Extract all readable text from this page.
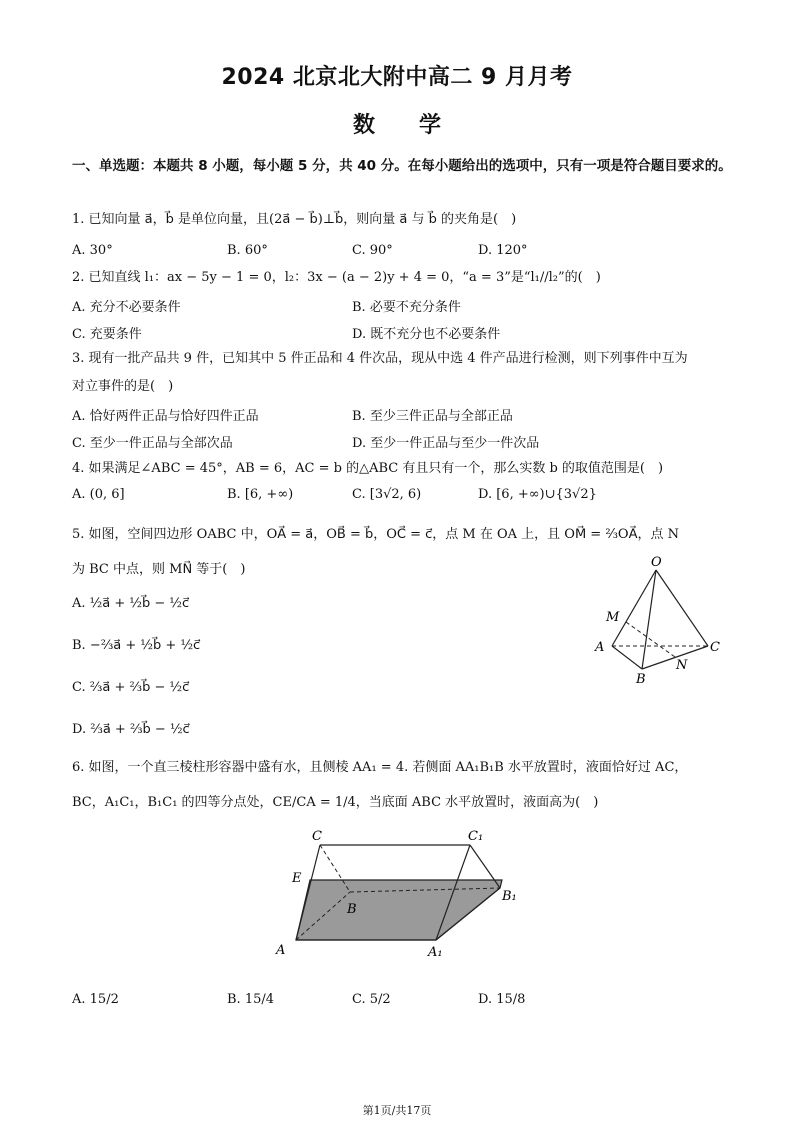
2024 北京北大附中高二 9 月月考
数　　学
一、单选题：本题共 8 小题，每小题 5 分，共 40 分。在每小题给出的选项中，只有一项是符合题目要求的。
1. 已知向量 a⃗，b⃗ 是单位向量，且(2a⃗ − b⃗)⊥b⃗，则向量 a⃗ 与 b⃗ 的夹角是(　)
A. 30°	B. 60°	C. 90°	D. 120°
2. 已知直线 l₁：ax − 5y − 1 = 0，l₂：3x − (a − 2)y + 4 = 0，“a = 3”是“l₁//l₂”的(　)
A. 充分不必要条件	B. 必要不充分条件
C. 充要条件	D. 既不充分也不必要条件
3. 现有一批产品共 9 件，已知其中 5 件正品和 4 件次品，现从中选 4 件产品进行检测，则下列事件中互为
对立事件的是(　)
A. 恰好两件正品与恰好四件正品	B. 至少三件正品与全部正品
C. 至少一件正品与全部次品	D. 至少一件正品与至少一件次品
4. 如果满足∠ABC = 45°，AB = 6，AC = b 的△ABC 有且只有一个，那么实数 b 的取值范围是(　)
A. (0, 6]	B. [6, +∞)	C. [3√2, 6)	D. [6, +∞)∪{3√2}
5. 如图，空间四边形 OABC 中，OA⃗ = a⃗，OB⃗ = b⃗，OC⃗ = c⃗，点 M 在 OA 上，且 OM⃗ = ²⁄₃OA⃗，点 N
为 BC 中点，则 MN⃗ 等于(　)
A. ½a⃗ + ½b⃗ − ½c⃗
B. −⅔a⃗ + ½b⃗ + ½c⃗
C. ⅔a⃗ + ⅔b⃗ − ½c⃗
D. ⅔a⃗ + ⅔b⃗ − ½c⃗
O
M
A
B
C
N
6. 如图，一个直三棱柱形容器中盛有水，且侧棱 AA₁ = 4. 若侧面 AA₁B₁B 水平放置时，液面恰好过 AC，
BC，A₁C₁，B₁C₁ 的四等分点处，CE/CA = 1/4，当底面 ABC 水平放置时，液面高为(　)
C	C₁
E
B
B₁
A	A₁
A. 15/2	B. 15/4	C. 5/2	D. 15/8
第1页/共17页
